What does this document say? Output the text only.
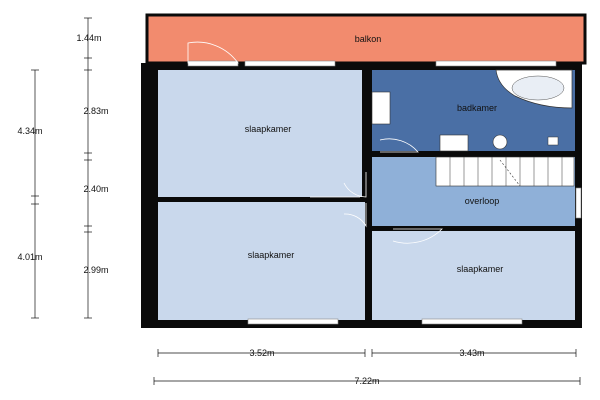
balkon
slaapkamer
slaapkamer
badkamer
overloop
slaapkamer
1.44m
2.83m
2.40m
2.99m
4.34m
4.01m
3.52m	3.43m
7.22m
